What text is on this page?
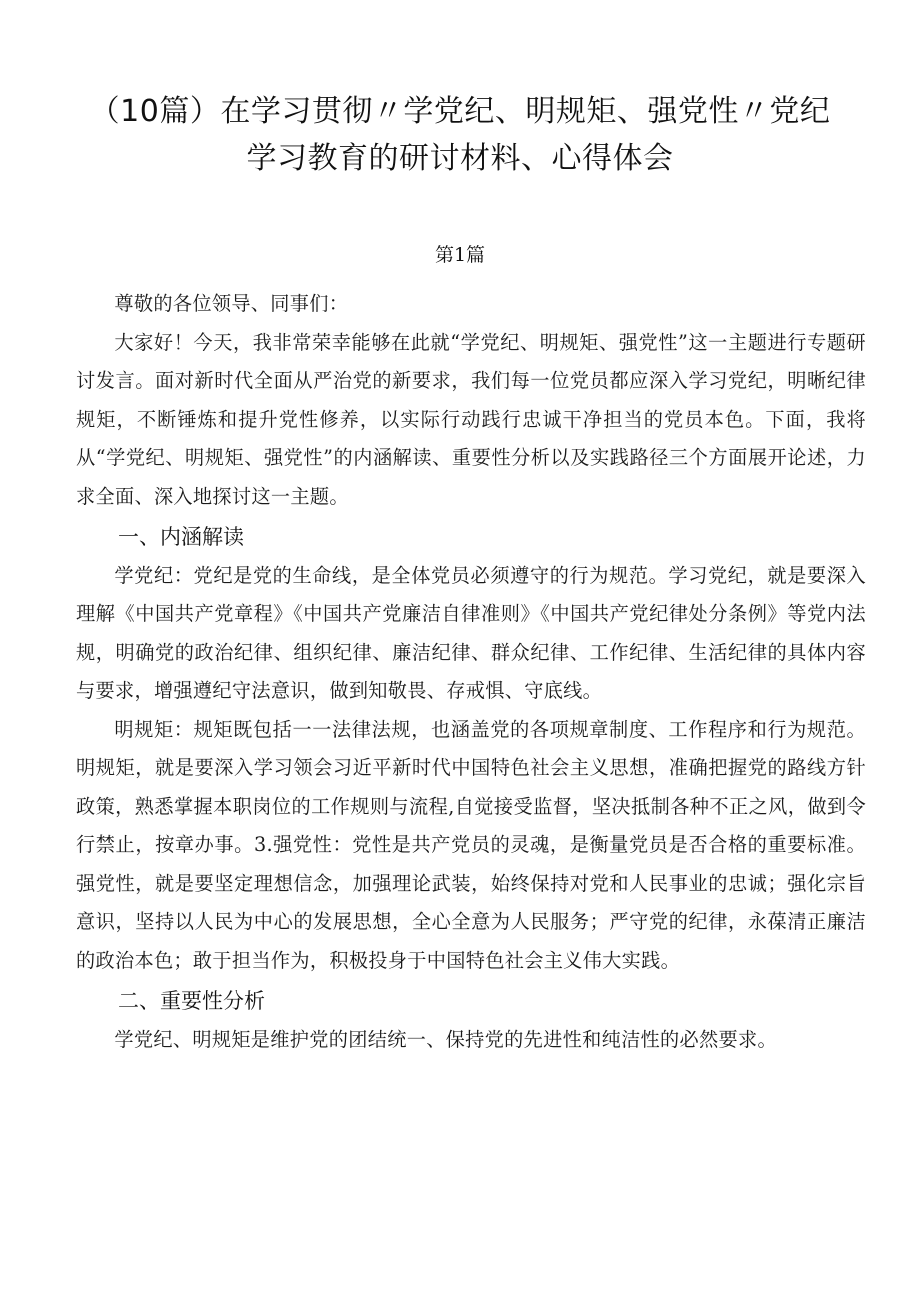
（10篇）在学习贯彻〃学党纪、明规矩、强党性〃党纪
学习教育的研讨材料、心得体会
第1篇

尊敬的各位领导、同事们：

大家好！今天，我非常荣幸能够在此就“学党纪、明规矩、强党性”这一主题进行专题研讨发言。面对新时代全面从严治党的新要求，我们每一位党员都应深入学习党纪，明晰纪律规矩，不断锤炼和提升党性修养，以实际行动践行忠诚干净担当的党员本色。下面，我将从“学党纪、明规矩、强党性”的内涵解读、重要性分析以及实践路径三个方面展开论述，力求全面、深入地探讨这一主题。

一、内涵解读

学党纪：党纪是党的生命线，是全体党员必须遵守的行为规范。学习党纪，就是要深入理解《中国共产党章程》《中国共产党廉洁自律准则》《中国共产党纪律处分条例》等党内法规，明确党的政治纪律、组织纪律、廉洁纪律、群众纪律、工作纪律、生活纪律的具体内容与要求，增强遵纪守法意识，做到知敬畏、存戒惧、守底线。

明规矩：规矩既包括一一法律法规，也涵盖党的各项规章制度、工作程序和行为规范。明规矩，就是要深入学习领会习近平新时代中国特色社会主义思想，准确把握党的路线方针政策，熟悉掌握本职岗位的工作规则与流程,自觉接受监督，坚决抵制各种不正之风，做到令行禁止，按章办事。3.强党性：党性是共产党员的灵魂，是衡量党员是否合格的重要标准。强党性，就是要坚定理想信念，加强理论武装，始终保持对党和人民事业的忠诚；强化宗旨意识，坚持以人民为中心的发展思想，全心全意为人民服务；严守党的纪律，永葆清正廉洁的政治本色；敢于担当作为，积极投身于中国特色社会主义伟大实践。

二、重要性分析

学党纪、明规矩是维护党的团结统一、保持党的先进性和纯洁性的必然要求。
